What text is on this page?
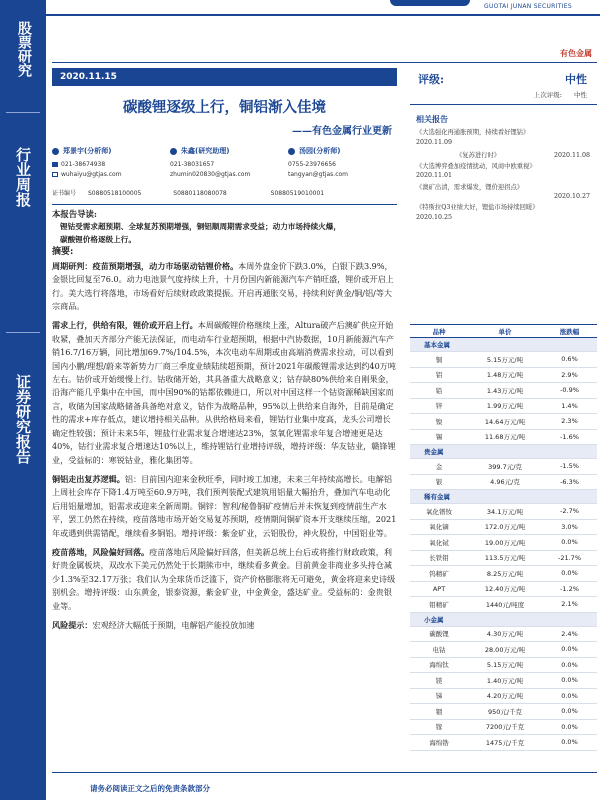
股票研究
行业周报
证券研究报告
GUOTAI JUNAN SECURITIES
有色金属
2020.11.15
碳酸锂逐级上行，铜铝渐入佳境
——有色金属行业更新
郑景宇(分析师)
021-38674938
wuhaiyu@gtjas.com
朱鑫(研究助理)
021-38031657
zhumin020830@gtjas.com
汤园(分析师)
0755-23976656
tangyan@gtjas.com
证书编号 S0880518100005	S0880118080078	S0880519010001

本报告导读:

锂钴受需求超预期、全球复苏预期增强，铜铝顺周期需求受益；动力市场持续火爆，

碳酸锂价格逐级上行。

摘要:

周期研判：疫苗预期增强，动力市场驱动钴锂价格。本周外盘金价下跌3.0%，白银下跌3.9%，金银比回复至76.0。动力电池景气度持续上升，十月份国内新能源汽车产销旺盛，锂价或开启上行。美大选行将落地，市场看好后续财政政策提振。开启再通胀交易，持续利好黄金/铜/铝/等大宗商品。

需求上行，供给有限，锂价或开启上行。本周碳酸锂价格继续上涨，Altura破产后澳矿供应开始收紧，叠加天齐部分产能无法保证，而电动车行业超预期，根据中汽协数据，10月新能源汽车产销16.7/16万辆，同比增加69.7%/104.5%，本次电动车周期或由高端消费需求拉动，可以看到国内小鹏/理想/蔚来等新势力厂商三季度业绩陆续超预期，预计2021年碳酸锂需求达到约40万吨左右。钴价或开始缓慢上行。钴收储开始，其具备重大战略意义；钴存缺80%供给来自刚果金，沿海产能几乎集中在中国，而中国90%的钴都依赖进口，所以对中国这样一个钴资源稀缺国家而言，收储为国家战略储备具备绝对意义，钴作为战略品种，95%以上供给来自海外，目前是确定性的需求+库存低点，建议增持相关品种。从供给格局来看，锂钴行业集中度高，龙头公司增长确定性较强；预计未来5年，锂盐行业需求复合增速达23%，氢氧化锂需求年复合增速更是达40%，钴行业需求复合增速达10%以上，维持锂钴行业增持评级，增持评级：华友钴业，赣锋锂业，受益标的：寒锐钴业，雅化集团等。

铜铝走出复苏逻辑。铝：目前国内迎来金秋旺季，同时竣工加速，未来三年持续高增长。电解铝上周社会库存下降1.4万吨至60.9万吨，我们预判装配式建筑用铝量大幅抬升，叠加汽车电动化后用铝量增加，铝需求或迎来全新周期。铜锌：智利/秘鲁铜矿疫情后并未恢复到疫情前生产水平，罢工仍然在持续，疫苗落地市场开始交易复苏预期，疫情期间铜矿资本开支继续压缩，2021年或遇到供需错配，继续看多铜铝。增持评级：紫金矿业，云铝股份，神火股份，中国铝业等。

疫苗落地，风险偏好回落。疫苗落地后风险偏好回落，但美新总统上台后或将推行财政政策，利好贵金属板块，双改水下美元仍然处于长期熊市中，继续看多黄金。目前黄金非商业多头持仓减少1.3%至32.17万张；我们认为全球货币泛滥下，资产价格膨胀将无可避免，黄金将迎来史诗级别机会。增持评级：山东黄金，银泰资源，紫金矿业，中金黄金，盛达矿业。受益标的：金贵银业等。

风险提示：宏观经济大幅低于预期，电解铝产能投放加速

评级:	中性
上次评级: 中性
相关报告
《大选强化再通胀预期，持续看好锂钴》
2020.11.09
《复苏进行时》	2020.11.08
《大选博弈叠加疫情扰动，风商中欧重视》
2020.11.01
《澳矿出清，需求爆发，锂价迎拐点》
2020.10.27
《特斯拉Q3业绩大好，锂盐市场持续回暖》
2020.10.25
品种	单价	涨跌幅
基本金属
铜	5.15万元/吨	0.6%
铝	1.48万元/吨	2.9%
铅	1.43万元/吨	-0.9%
锌	1.99万元/吨	1.4%
镍	14.64万元/吨	2.3%
锡	11.68万元/吨	-1.6%
贵金属
金	399.7元/克	-1.5%
银	4.96元/克	-6.3%
稀有金属
氧化镨钕	34.1万元/吨	-2.7%
氧化镝	172.0万元/吨	3.0%
氧化铽	19.00万元/吨	0.0%
长铁钼	113.5万元/吨	-21.7%
钨精矿	8.25万元/吨	0.0%
APT	12.40万元/吨	-1.2%
钼精矿	1440元/吨度	2.1%
小金属
碳酸锂	4.30万元/吨	2.4%
电钴	28.00万元/吨	0.0%
海绵钛	5.15万元/吨	0.0%
镁	1.40万元/吨	0.0%
锑	4.20万元/吨	0.0%
铟	950元/千克	0.0%
镓	7200元/千克	0.0%
海绵锆	1475元/千克	0.0%
请务必阅读正文之后的免责条款部分
